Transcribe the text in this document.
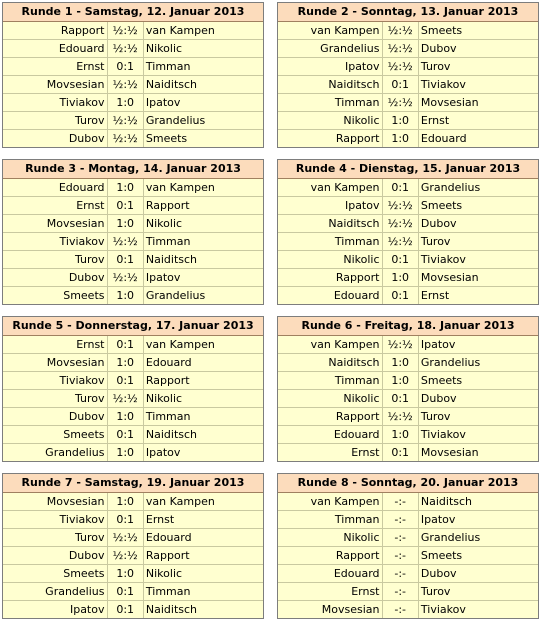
Runde 1 - Samstag, 12. Januar 2013
Rapport	½:½	van Kampen
Edouard	½:½	Nikolic
Ernst	0:1	Timman
Movsesian	½:½	Naiditsch
Tiviakov	1:0	Ipatov
Turov	½:½	Grandelius
Dubov	½:½	Smeets
Runde 2 - Sonntag, 13. Januar 2013
van Kampen	½:½	Smeets
Grandelius	½:½	Dubov
Ipatov	½:½	Turov
Naiditsch	0:1	Tiviakov
Timman	½:½	Movsesian
Nikolic	1:0	Ernst
Rapport	1:0	Edouard
Runde 3 - Montag, 14. Januar 2013
Edouard	1:0	van Kampen
Ernst	0:1	Rapport
Movsesian	1:0	Nikolic
Tiviakov	½:½	Timman
Turov	0:1	Naiditsch
Dubov	½:½	Ipatov
Smeets	1:0	Grandelius
Runde 4 - Dienstag, 15. Januar 2013
van Kampen	0:1	Grandelius
Ipatov	½:½	Smeets
Naiditsch	½:½	Dubov
Timman	½:½	Turov
Nikolic	0:1	Tiviakov
Rapport	1:0	Movsesian
Edouard	0:1	Ernst
Runde 5 - Donnerstag, 17. Januar 2013
Ernst	0:1	van Kampen
Movsesian	1:0	Edouard
Tiviakov	0:1	Rapport
Turov	½:½	Nikolic
Dubov	1:0	Timman
Smeets	0:1	Naiditsch
Grandelius	1:0	Ipatov
Runde 6 - Freitag, 18. Januar 2013
van Kampen	½:½	Ipatov
Naiditsch	1:0	Grandelius
Timman	1:0	Smeets
Nikolic	0:1	Dubov
Rapport	½:½	Turov
Edouard	1:0	Tiviakov
Ernst	0:1	Movsesian
Runde 7 - Samstag, 19. Januar 2013
Movsesian	1:0	van Kampen
Tiviakov	0:1	Ernst
Turov	½:½	Edouard
Dubov	½:½	Rapport
Smeets	1:0	Nikolic
Grandelius	0:1	Timman
Ipatov	0:1	Naiditsch
Runde 8 - Sonntag, 20. Januar 2013
van Kampen	-:-	Naiditsch
Timman	-:-	Ipatov
Nikolic	-:-	Grandelius
Rapport	-:-	Smeets
Edouard	-:-	Dubov
Ernst	-:-	Turov
Movsesian	-:-	Tiviakov
